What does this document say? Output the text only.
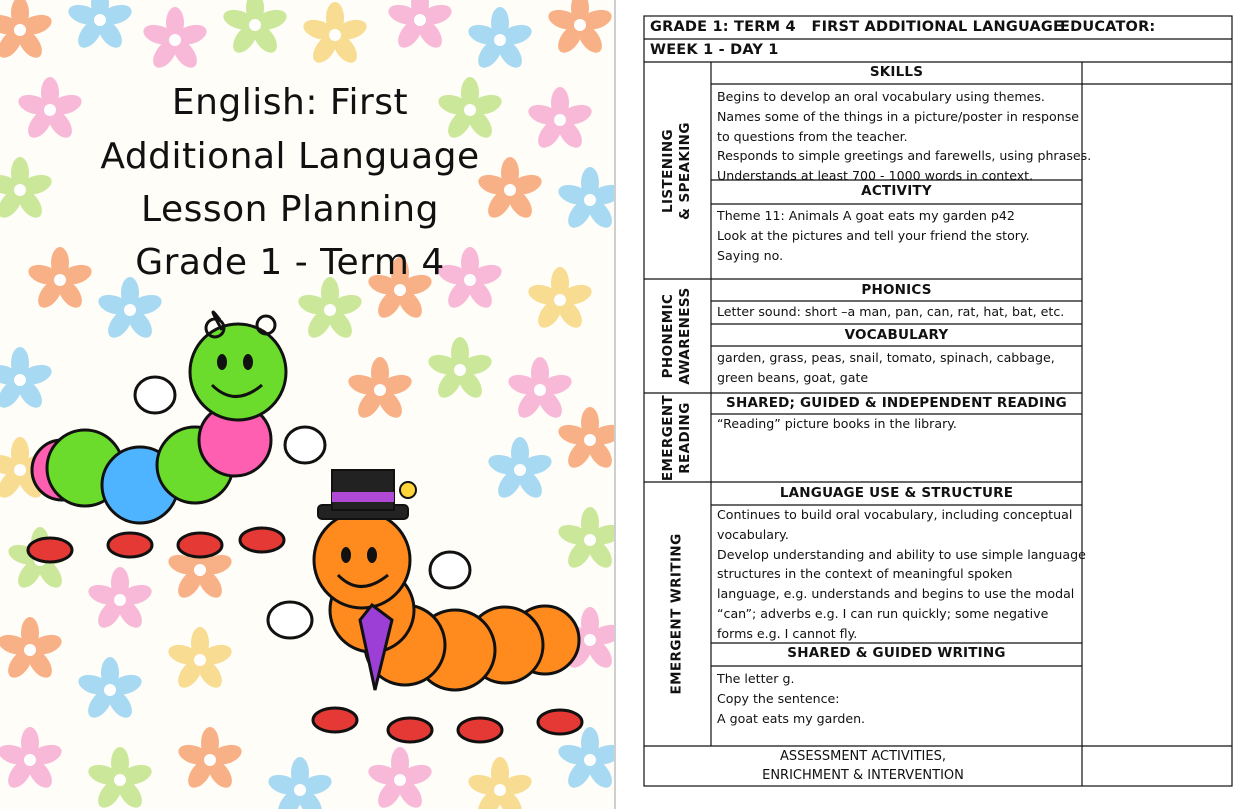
English: First
Additional Language
Lesson Planning
Grade 1 - Term 4
GRADE 1: TERM 4   FIRST ADDITIONAL LANGUAGE
EDUCATOR:
WEEK 1 - DAY 1
LISTENING & SPEAKING
SKILLS
Begins to develop an oral vocabulary using themes.
Names some of the things in a picture/poster in response
to questions from the teacher.
Responds to simple greetings and farewells, using phrases.
Understands at least 700 - 1000 words in context.
ACTIVITY
Theme 11: Animals A goat eats my garden p42
Look at the pictures and tell your friend the story.
Saying no.
PHONEMIC AWARENESS	PHONICS
Letter sound: short –a man, pan, can, rat, hat, bat, etc.
VOCABULARY
garden, grass, peas, snail, tomato, spinach, cabbage,
green beans, goat, gate
EMERGENT READING	SHARED; GUIDED & INDEPENDENT READING
“Reading” picture books in the library.
EMERGENT WRITING
LANGUAGE USE & STRUCTURE
Continues to build oral vocabulary, including conceptual
vocabulary.
Develop understanding and ability to use simple language
structures in the context of meaningful spoken
language, e.g. understands and begins to use the modal
“can”; adverbs e.g. I can run quickly; some negative
forms e.g. I cannot fly.
SHARED & GUIDED WRITING
The letter g.
Copy the sentence:
A goat eats my garden.
ASSESSMENT ACTIVITIES,
ENRICHMENT & INTERVENTION
